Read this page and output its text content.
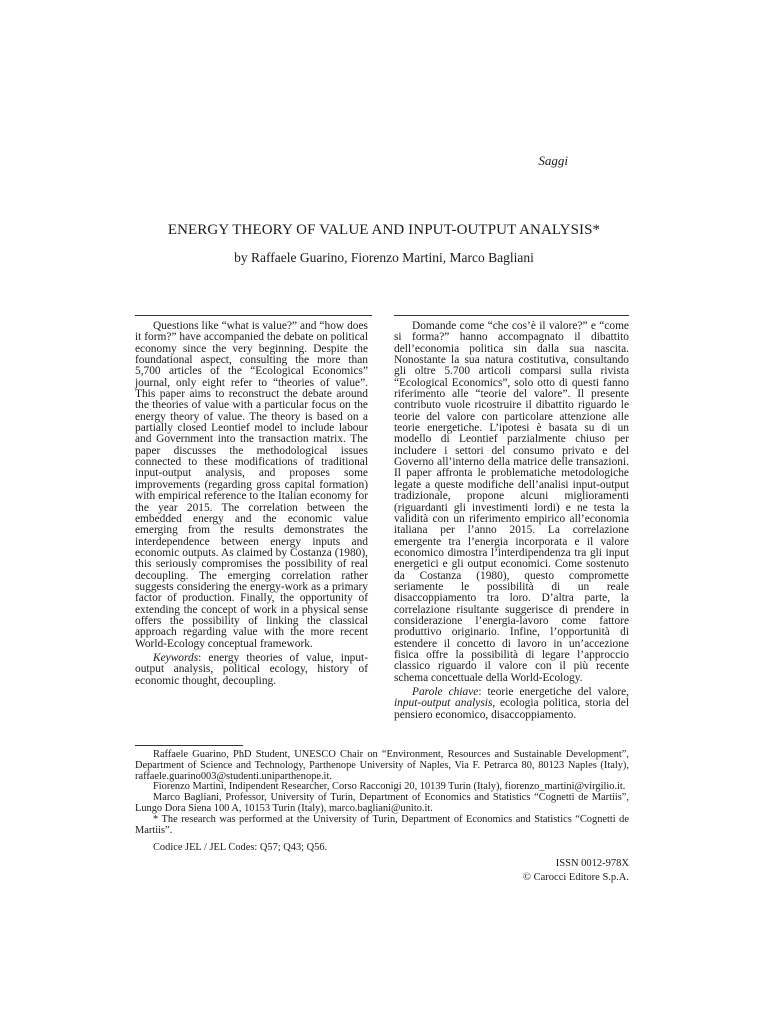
Saggi
ENERGY THEORY OF VALUE AND INPUT-OUTPUT ANALYSIS*
by Raffaele Guarino, Fiorenzo Martini, Marco Bagliani

Questions like “what is value?” and “how does it form?” have accompanied the debate on political economy since the very beginning. Despite the foundational aspect, consulting the more than 5,700 articles of the “Ecological Economics” journal, only eight refer to “theories of value”. This paper aims to reconstruct the debate around the theories of value with a particular focus on the energy theory of value. The theory is based on a partially closed Leontief model to include labour and Government into the transaction matrix. The paper discusses the methodological issues connected to these modifications of traditional input-output analysis, and proposes some improvements (regarding gross capital formation) with empirical reference to the Italian economy for the year 2015. The correlation between the embedded energy and the economic value emerging from the results demonstrates the interdependence between energy inputs and economic outputs. As claimed by Costanza (1980), this seriously compromises the possibility of real decoupling. The emerging correlation rather suggests considering the energy-work as a primary factor of production. Finally, the opportunity of extending the concept of work in a physical sense offers the possibility of linking the classical approach regarding value with the more recent World-Ecology conceptual framework.

Keywords: energy theories of value, input-output analysis, political ecology, history of economic thought, decoupling.

Domande come “che cos’è il valore?” e “come si forma?” hanno accompagnato il dibattito dell’economia politica sin dalla sua nascita. Nonostante la sua natura costitutiva, consultando gli oltre 5.700 articoli comparsi sulla rivista “Ecological Economics”, solo otto di questi fanno riferimento alle “teorie del valore”. Il presente contributo vuole ricostruire il dibattito riguardo le teorie del valore con particolare attenzione alle teorie energetiche. L’ipotesi è basata su di un modello di Leontief parzialmente chiuso per includere i settori del consumo privato e del Governo all’interno della matrice delle transazioni. Il paper affronta le problematiche metodologiche legate a queste modifiche dell’analisi input-output tradizionale, propone alcuni miglioramenti (riguardanti gli investimenti lordi) e ne testa la validità con un riferimento empirico all’economia italiana per l’anno 2015. La correlazione emergente tra l’energia incorporata e il valore economico dimostra l’interdipendenza tra gli input energetici e gli output economici. Come sostenuto da Costanza (1980), questo compromette seriamente le possibilità di un reale disaccoppiamento tra loro. D’altra parte, la correlazione risultante suggerisce di prendere in considerazione l’energia-lavoro come fattore produttivo originario. Infine, l’opportunità di estendere il concetto di lavoro in un’accezione fisica offre la possibilità di legare l’approccio classico riguardo il valore con il più recente schema concettuale della World-Ecology.

Parole chiave: teorie energetiche del valore, input-output analysis, ecologia politica, storia del pensiero economico, disaccoppiamento.

Raffaele Guarino, PhD Student, UNESCO Chair on “Environment, Resources and Sustainable Development”, Department of Science and Technology, Parthenope University of Naples, Via F. Petrarca 80, 80123 Naples (Italy), raffaele.guarino003@studenti.uniparthenope.it.

Fiorenzo Martini, Indipendent Researcher, Corso Racconigi 20, 10139 Turin (Italy), fiorenzo_martini@virgilio.it.

Marco Bagliani, Professor, University of Turin, Department of Economics and Statistics “Cognetti de Martiis”, Lungo Dora Siena 100 A, 10153 Turin (Italy), marco.bagliani@unito.it.

* The research was performed at the University of Turin, Department of Economics and Statistics “Cognetti de Martiis”.

Codice JEL / JEL Codes: Q57; Q43; Q56.

ISSN 0012-978X
© Carocci Editore S.p.A.
